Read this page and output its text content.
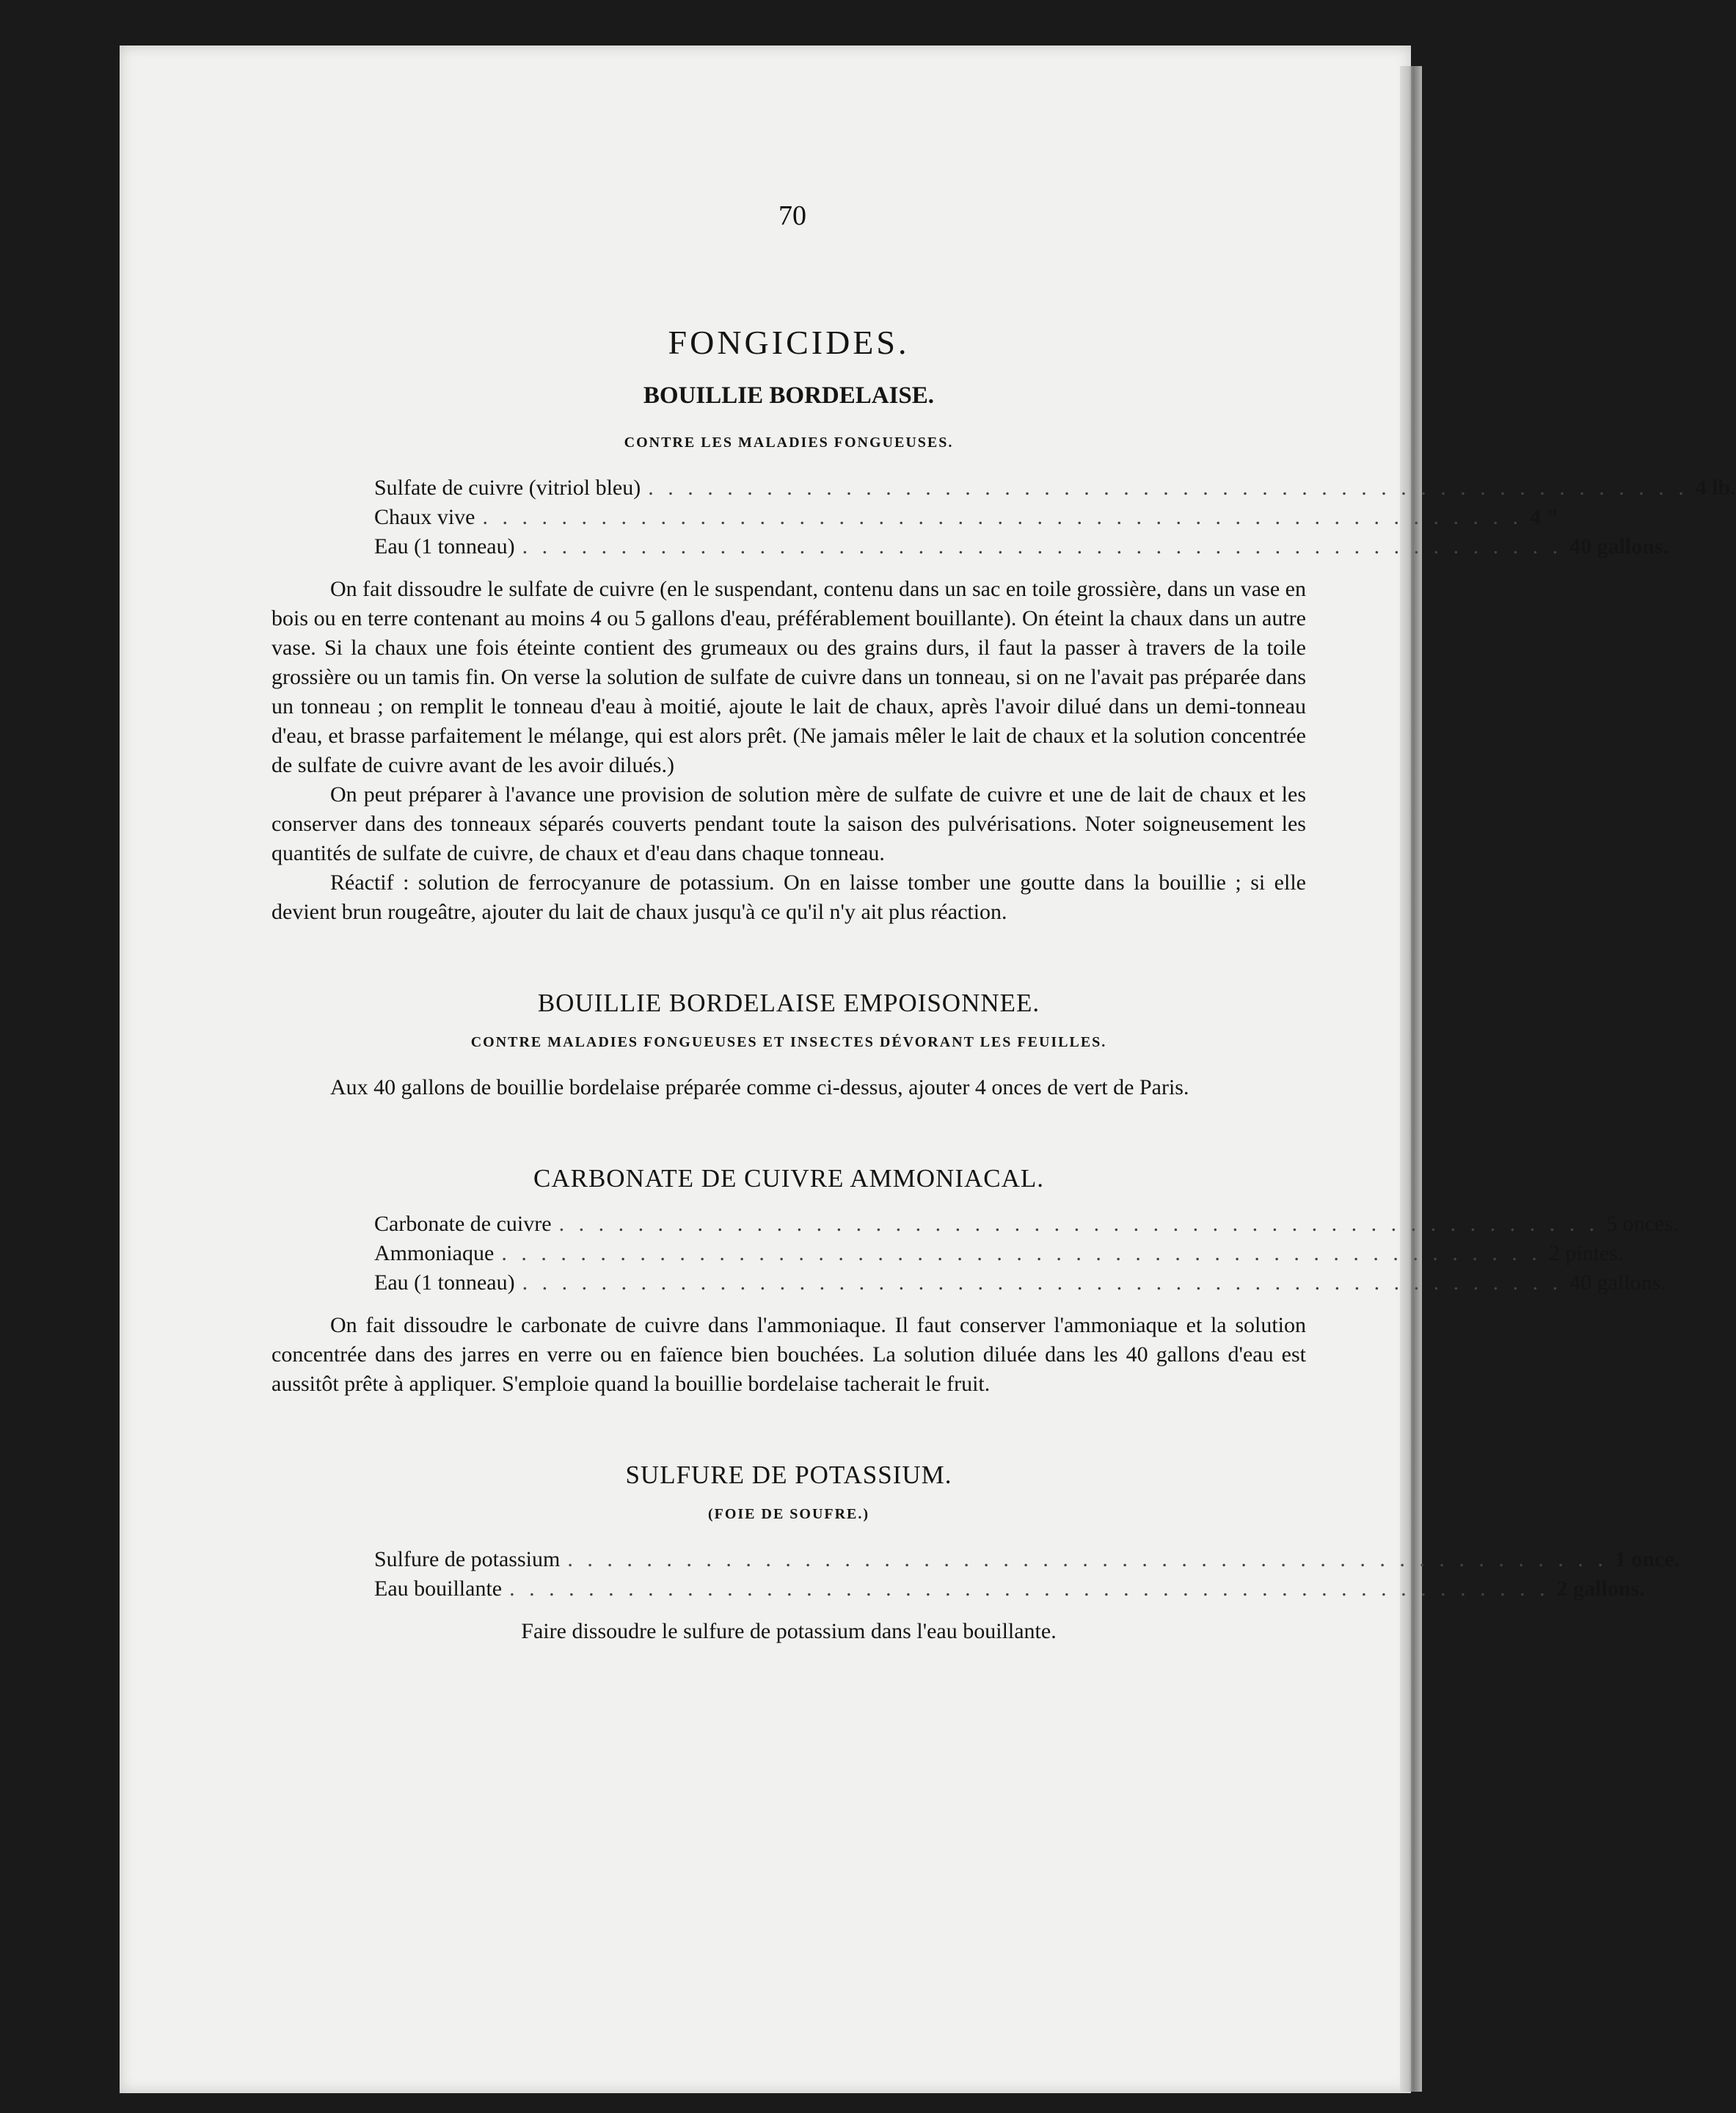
70
FONGICIDES.
BOUILLIE BORDELAISE.
CONTRE LES MALADIES FONGUEUSES.
Sulfate de cuivre (vitriol bleu) . . . . . . . . . . . . . . . . . . . . . . . . . . . . . . . . . . . . . . . . . . . . . . . . . . . . . 4 lb.
Chaux vive . . . . . . . . . . . . . . . . . . . . . . . . . . . . . . . . . . . . . . . . . . . . . . . . . . . . . 4 "
Eau (1 tonneau) . . . . . . . . . . . . . . . . . . . . . . . . . . . . . . . . . . . . . . . . . . . . . . . . . . . . . 40 gallons.

On fait dissoudre le sulfate de cuivre (en le suspendant, contenu dans un sac en toile grossière, dans un vase en bois ou en terre contenant au moins 4 ou 5 gallons d'eau, préférablement bouillante). On éteint la chaux dans un autre vase. Si la chaux une fois éteinte contient des grumeaux ou des grains durs, il faut la passer à travers de la toile grossière ou un tamis fin. On verse la solution de sulfate de cuivre dans un tonneau, si on ne l'avait pas préparée dans un tonneau ; on remplit le tonneau d'eau à moitié, ajoute le lait de chaux, après l'avoir dilué dans un demi-tonneau d'eau, et brasse parfaitement le mélange, qui est alors prêt. (Ne jamais mêler le lait de chaux et la solution concentrée de sulfate de cuivre avant de les avoir dilués.)

On peut préparer à l'avance une provision de solution mère de sulfate de cuivre et une de lait de chaux et les conserver dans des tonneaux séparés couverts pendant toute la saison des pulvérisations. Noter soigneusement les quantités de sulfate de cuivre, de chaux et d'eau dans chaque tonneau.

Réactif : solution de ferrocyanure de potassium. On en laisse tomber une goutte dans la bouillie ; si elle devient brun rougeâtre, ajouter du lait de chaux jusqu'à ce qu'il n'y ait plus réaction.

BOUILLIE BORDELAISE EMPOISONNEE.
CONTRE MALADIES FONGUEUSES ET INSECTES DÉVORANT LES FEUILLES.

Aux 40 gallons de bouillie bordelaise préparée comme ci-dessus, ajouter 4 onces de vert de Paris.

CARBONATE DE CUIVRE AMMONIACAL.
Carbonate de cuivre . . . . . . . . . . . . . . . . . . . . . . . . . . . . . . . . . . . . . . . . . . . . . . . . . . . . . 5 onces.
Ammoniaque . . . . . . . . . . . . . . . . . . . . . . . . . . . . . . . . . . . . . . . . . . . . . . . . . . . . . 2 pintes.
Eau (1 tonneau) . . . . . . . . . . . . . . . . . . . . . . . . . . . . . . . . . . . . . . . . . . . . . . . . . . . . . 40 gallons.

On fait dissoudre le carbonate de cuivre dans l'ammoniaque. Il faut conserver l'ammoniaque et la solution concentrée dans des jarres en verre ou en faïence bien bouchées. La solution diluée dans les 40 gallons d'eau est aussitôt prête à appliquer. S'emploie quand la bouillie bordelaise tacherait le fruit.

SULFURE DE POTASSIUM.
(FOIE DE SOUFRE.)
Sulfure de potassium . . . . . . . . . . . . . . . . . . . . . . . . . . . . . . . . . . . . . . . . . . . . . . . . . . . . . 1 once.
Eau bouillante . . . . . . . . . . . . . . . . . . . . . . . . . . . . . . . . . . . . . . . . . . . . . . . . . . . . . 2 gallons.

Faire dissoudre le sulfure de potassium dans l'eau bouillante.
